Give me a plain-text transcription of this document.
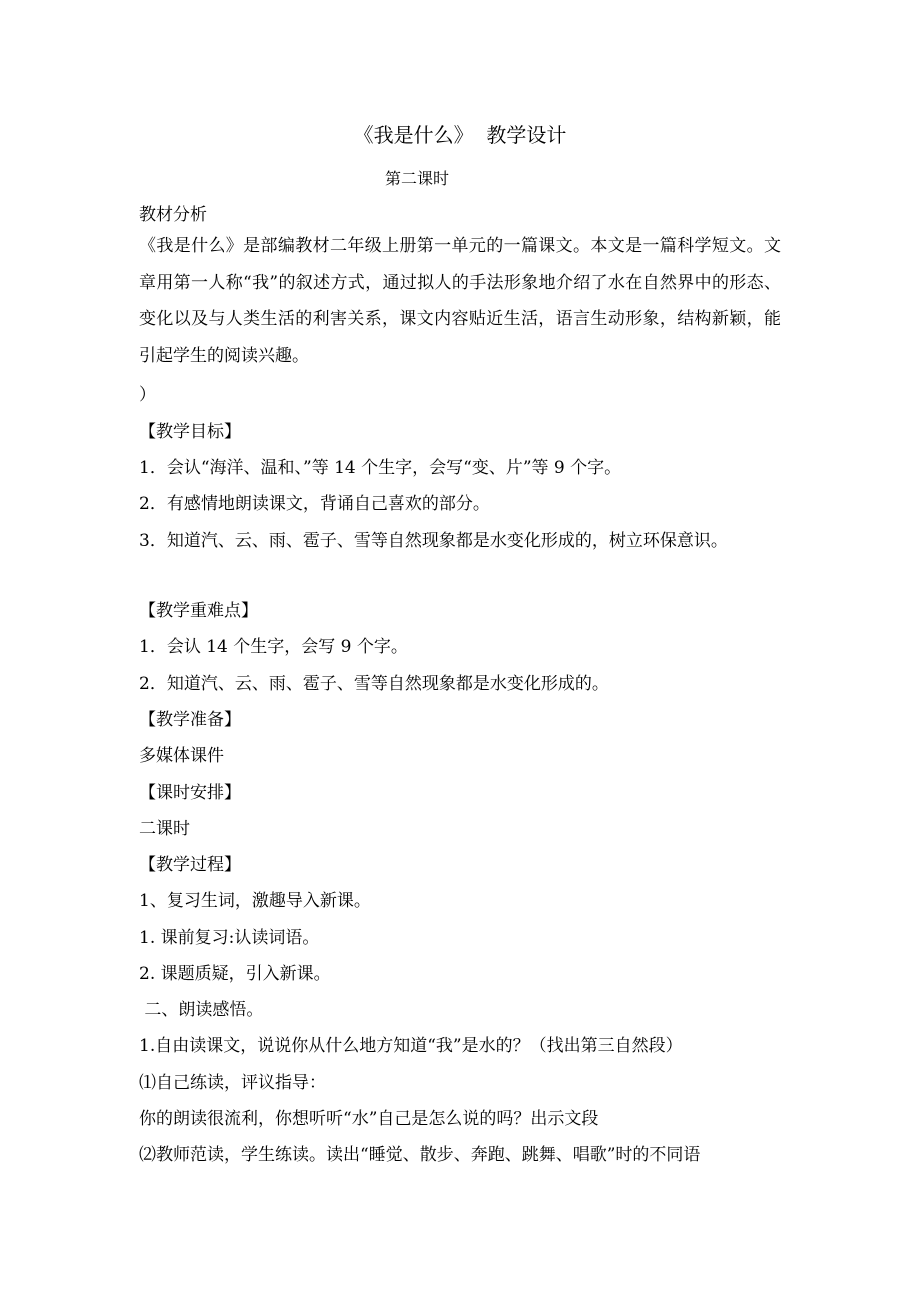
《我是什么》  教学设计
第二课时
教材分析
《我是什么》是部编教材二年级上册第一单元的一篇课文。本文是一篇科学短文。文章用第一人称“我”的叙述方式，通过拟人的手法形象地介绍了水在自然界中的形态、变化以及与人类生活的利害关系，课文内容贴近生活，语言生动形象，结构新颖，能引起学生的阅读兴趣。
）
【教学目标】
1．会认“海洋、温和、”等 14 个生字，会写“变、片”等 9 个字。
2．有感情地朗读课文，背诵自己喜欢的部分。
3．知道汽、云、雨、雹子、雪等自然现象都是水变化形成的，树立环保意识。
【教学重难点】
1．会认 14 个生字，会写 9 个字。
2．知道汽、云、雨、雹子、雪等自然现象都是水变化形成的。
【教学准备】
多媒体课件
【课时安排】
二课时
【教学过程】
1、复习生词，激趣导入新课。
1. 课前复习:认读词语。
2. 课题质疑，引入新课。
二、朗读感悟。
1.自由读课文，说说你从什么地方知道“我”是水的？（找出第三自然段）
⑴自己练读，评议指导：
你的朗读很流利，你想听听“水”自己是怎么说的吗？出示文段
⑵教师范读，学生练读。读出“睡觉、散步、奔跑、跳舞、唱歌”时的不同语
